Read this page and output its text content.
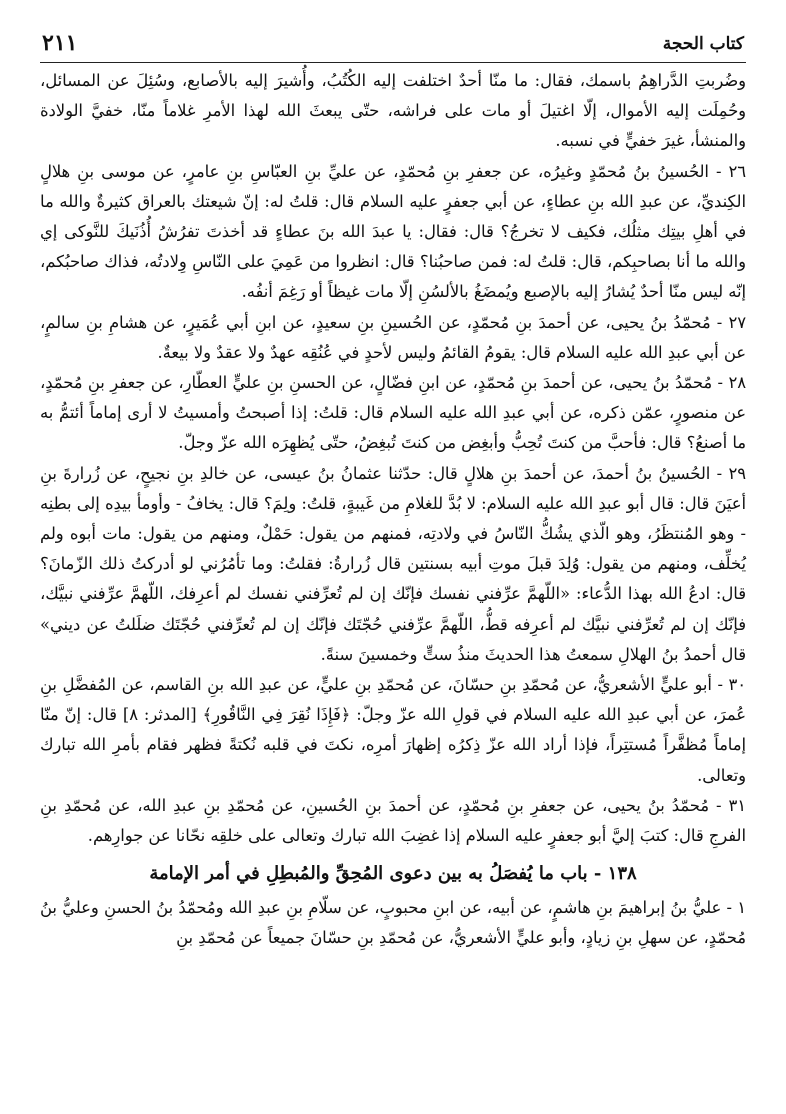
٢١١	كتاب الحجة

وضُربتِ الدَّراهِمُ باسمك، فقال: ما منّا أحدٌ اختلفت إليه الكُتُبُ، وأُشيرَ إليه بالأصابع، وسُئِلَ عن المسائل، وحُمِلَت إليه الأموال، إلّا اغتيلَ أو مات على فراشه، حتّى يبعثَ الله لهذا الأمرِ غلاماً منّا، خفيَّ الولادة والمنشأ، غيرَ خفيٍّ في نسبه.

٢٦ - الحُسينُ بنُ مُحمّدٍ وغيرُه، عن جعفرِ بنِ مُحمّدٍ، عن عليِّ بنِ العبّاسِ بنِ عامرٍ، عن موسى بنِ هلالٍ الكِنديِّ، عن عبدِ الله بنِ عطاءٍ، عن أبي جعفرٍ عليه السلام قال: قلتُ له: إنّ شيعتك بالعراق كثيرةٌ والله ما في أهلِ بيتِك مثلُك، فكيف لا تخرجُ؟ قال: فقال: يا عبدَ الله بنَ عطاءٍ قد أخذتَ تفرُشُ أُذُنَيكَ للنَّوكى إي والله ما أنا بصاحبِكم، قال: قلتُ له: فمن صاحبُنا؟ قال: انظروا من عَمِيَ على النّاسِ وِلادتُه، فذاك صاحبُكم، إنّه ليس منّا أحدٌ يُشارُ إليه بالإصبع ويُمضَغُ بالألسُنِ إلّا مات غيظاً أو رَغِمَ أنفُه.

٢٧ - مُحمّدُ بنُ يحيى، عن أحمدَ بنِ مُحمّدٍ، عن الحُسينِ بنِ سعيدٍ، عن ابنِ أبي عُمَيرٍ، عن هشامِ بنِ سالمٍ، عن أبي عبدِ الله عليه السلام قال: يقومُ القائمُ وليس لأحدٍ في عُنُقِه عهدٌ ولا عقدٌ ولا بيعةٌ.

٢٨ - مُحمّدُ بنُ يحيى، عن أحمدَ بنِ مُحمّدٍ، عن ابنِ فضّالٍ، عن الحسنِ بنِ عليٍّ العطّارِ، عن جعفرِ بنِ مُحمّدٍ، عن منصورٍ، عمّن ذكره، عن أبي عبدِ الله عليه السلام قال: قلتُ: إذا أصبحتُ وأمسيتُ لا أرى إماماً أئتمُّ به ما أصنعُ؟ قال: فأحبَّ من كنتَ تُحِبُّ وأبغِض من كنتَ تُبغِضُ، حتّى يُظهِرَه الله عزّ وجلّ.

٢٩ - الحُسينُ بنُ أحمدَ، عن أحمدَ بنِ هلالٍ قال: حدّثنا عثمانُ بنُ عيسى، عن خالدِ بنِ نجيحٍ، عن زُرارةَ بنِ أعيَنَ قال: قال أبو عبدِ الله عليه السلام: لا بُدَّ للغلامِ من غَيبةٍ، قلتُ: ولِمَ؟ قال: يخافُ - وأومأ بيدِه إلى بطنِه - وهو المُنتظَرُ، وهو الّذي يشُكُّ النّاسُ في ولادتِه، فمنهم من يقول: حَمْلٌ، ومنهم من يقول: مات أبوه ولم يُخلِّف، ومنهم من يقول: وُلِدَ قبلَ موتِ أبيه بسنتين قال زُرارةُ: فقلتُ: وما تأمُرُني لو أدركتُ ذلك الزّمانَ؟ قال: ادعُ الله بهذا الدُّعاء: «اللّهمَّ عرِّفني نفسك فإنّك إن لم تُعرِّفني نفسك لم أعرِفك، اللّهمَّ عرِّفني نبيَّك، فإنّك إن لم تُعرِّفني نبيَّك لم أعرِفه قطُّ، اللّهمَّ عرِّفني حُجّتَك فإنّك إن لم تُعرِّفني حُجّتَك ضلَلتُ عن ديني» قال أحمدُ بنُ الهلالِ سمعتُ هذا الحديثَ منذُ ستٍّ وخمسينَ سنةً.

٣٠ - أبو عليٍّ الأشعريُّ، عن مُحمّدِ بنِ حسّانَ، عن مُحمّدِ بنِ عليٍّ، عن عبدِ الله بنِ القاسم، عن المُفضَّلِ بنِ عُمرَ، عن أبي عبدِ الله عليه السلام في قولِ الله عزّ وجلّ: ﴿فَإِذَا نُقِرَ فِي النَّاقُورِ﴾ [المدثر: ٨] قال: إنّ منّا إماماً مُظفَّراً مُستتِراً، فإذا أراد الله عزّ ذِكرُه إظهارَ أمرِه، نكتَ في قلبه نُكتةً فظهر فقام بأمرِ الله تبارك وتعالى.

٣١ - مُحمّدُ بنُ يحيى، عن جعفرِ بنِ مُحمّدٍ، عن أحمدَ بنِ الحُسينِ، عن مُحمّدِ بنِ عبدِ الله، عن مُحمّدِ بنِ الفرجِ قال: كتبَ إليَّ أبو جعفرٍ عليه السلام إذا غضِبَ الله تبارك وتعالى على خلقِه نحّانا عن جوارِهم.

١٣٨ - باب ما يُفصَلُ به بين دعوى المُحِقِّ والمُبطِلِ في أمر الإمامة

١ - عليُّ بنُ إبراهيمَ بنِ هاشمٍ، عن أبيه، عن ابنِ محبوبٍ، عن سلّامِ بنِ عبدِ الله ومُحمّدُ بنُ الحسنِ وعليُّ بنُ مُحمّدٍ، عن سهلِ بنِ زيادٍ، وأبو عليٍّ الأشعريُّ، عن مُحمّدِ بنِ حسّانَ جميعاً عن مُحمّدِ بنِ
